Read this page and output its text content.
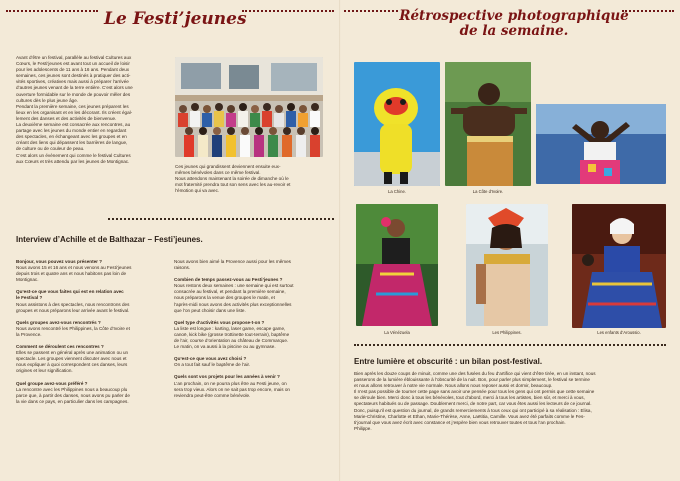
Le Festi’jeunes
Avant d’être un festival, parallèle au festival Cultures aux
Cœurs, le Festi’jeunes est avant tout un accueil de loisir
pour les adolescents de 11 ans à 16 ans. Pendant deux
semaines, ces jeunes sont destinés à pratiquer des acti-
vités sportives, créatives mais aussi à préparer l’arrivée
d’autres jeunes venant de la terre entière. C’est alors une
ouverture formidable sur le monde de pouvoir mêler des
cultures dès le plus jeune âge.
Pendant la première semaine, ces jeunes préparent les
lieux en les organisant et en les décorant. Ils créent égal-
lement des danses et des activités de bienvenue.
La deuxième semaine est consacrée aux rencontres, au
partage avec les jeunes du monde entier en regardant
des spectacles, en échangeant avec les groupes et en
créant des liens qui dépassent les barrières de langue,
de culture ou de couleur de peau.
C’est alors un évènement qui comme le festival Cultures
aux Cœurs et très attendu par les jeunes de Montignac.
Ces jeunes qui grandissent deviennent ensuite eux-
mêmes bénévoles dans ce même festival.
Nous attendons maintenant la soirée de dimanche où le
mot fraternité prendra tout son sens avec les au-revoir et
l’émotion qui va avec.
Interview d’Achille et de Balthazar – Festi’jeunes.
Bonjour, vous pouvez vous présenter ?
Nous avons 15 et 16 ans et nous venons au Festi’jeunes
depuis trois et quatre ans et nous habitons pas loin de
Montignac.
Qu’est-ce que vous faites qui est en relation avec
le Festival ?
Nous assistons à des spectacles, nous rencontrons des
groupes et nous préparons leur arrivée avant le festival.
Quels groupes avez-vous rencontrés ?
Nous avons rencontré les Philippines, la Côte d’Ivoire et
la Provence.
Comment se déroulent ces rencontres ?
Elles se passent en général après une animation ou un
spectacle. Les groupes viennent discuter avec nous et
nous expliquer à quoi correspondent ces danses, leurs
origines et leur signification.
Quel groupe avez-vous préféré ?
La rencontre avec les Philippines nous a beaucoup plu
parce que, à partir des danses, nous avons pu parler de
la vie dans ce pays, en particulier dans les campagnes.
Nous avons bien aimé la Provence aussi pour les mêmes
raisons.
Combien de temps passez-vous au Festi’jeunes ?
Nous restons deux semaines : une semaine qui est surtout
consacrée au festival, et pendant la première semaine,
nous préparons la venue des groupes le matin, et
l’après-midi nous avons des activités plus exceptionnelles
que l’on peut choisir dans une liste.
Quel type d’activités vous propose-t-on ?
La liste est longue : karting, laser game, escape game,
canoë, kick bike (grosse trottinette tout-terrain), baptême
de l’air, course d’orientation au château de Commarque.
Le matin, on va aussi à la piscine ou au gymnase.
Qu’est-ce que vous avez choisi ?
On a tout fait sauf le baptême de l’air.
Quels sont vos projets pour les années à venir ?
L’an prochain, on ne pourra plus être au Festi jeune, on
sera trop vieux. Alors on ne sait pas trop encore, mais on
reviendra peut-être comme bénévole.
Rétrospective photographique
de la semaine.
La Chine.	La Côte d’Ivoire.
La Vénézuela	Les Philippines.	Les enfants d’Aroussio.
Entre lumière et obscurité : un bilan post-festival.
Bien après les douze coups de minuit, comme une des fusées du feu d’artifice qui vient d’être tirée, en un instant, nous
passerons de la lumière éblouissante à l’obscurité de la nuit. Bon, pour parler plus simplement, le festival se termine
et nous allons retrouver à notre vie normale. Nous allons nous reposer aussi et dormir, beaucoup.
Il n’est pas possible de tourner cette page sans avoir une pensée pour tous les gens qui ont permis que cette semaine
se déroule bien. Merci donc à tous les bénévoles, tout d’abord, merci à tous les artistes, bien sûr, et merci à vous,
spectateurs habitués ou de passage. Doublement merci, de notre part, car vous êtes aussi les lecteurs de ce journal.
Donc, puisqu’il est question du journal, de grands remerciements à tous ceux qui ont participé à sa réalisation : Elisa,
Marie-Christine, Charlotte et Ethan, Marie-Thérèse, Anne, Laëtitia, Camille. Vous avez été parfaits comme le Fes-
ti’journal que vous avez écrit avec constance et j’espère bien vous retrouver toutes et tous l’an prochain.
Philippe.
